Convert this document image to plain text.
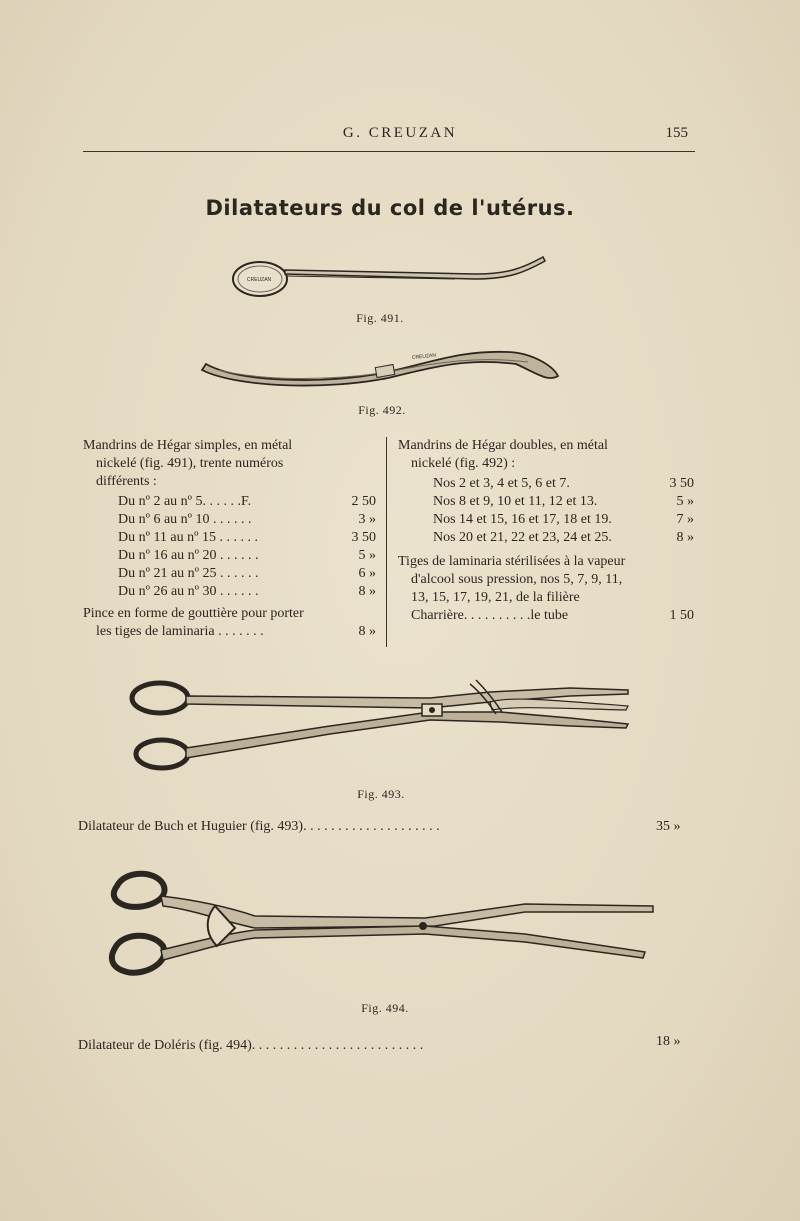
G. CREUZAN	155
Dilatateurs du col de l'utérus.
CREUZAN
Fig. 491.
CREUZAN
Fig. 492.
Mandrins de Hégar simples, en métal
nickelé (fig. 491), trente numéros
différents :
Du nº 2 au nº 5. . . . . .F.	2 50
Du nº 6 au nº 10 . . . . . .	3 »
Du nº 11 au nº 15 . . . . . .	3 50
Du nº 16 au nº 20 . . . . . .	5 »
Du nº 21 au nº 25 . . . . . .	6 »
Du nº 26 au nº 30 . . . . . .	8 »
Pince en forme de gouttière pour porter
les tiges de laminaria . . . . . . .	8 »
Mandrins de Hégar doubles, en métal
nickelé (fig. 492) :
Nos 2 et 3, 4 et 5, 6 et 7.	3 50
Nos 8 et 9, 10 et 11, 12 et 13.	5 »
Nos 14 et 15, 16 et 17, 18 et 19.	7 »
Nos 20 et 21, 22 et 23, 24 et 25.	8 »
Tiges de laminaria stérilisées à la vapeur
d'alcool sous pression, nos 5, 7, 9, 11,
13, 15, 17, 19, 21, de la filière
Charrière. . . . . . . . . .le tube	1 50
Fig. 493.
Dilatateur de Buch et Huguier (fig. 493). . . . . . . . . . . . . . . . . . . .	35 »
Fig. 494.
Dilatateur de Doléris (fig. 494). . . . . . . . . . . . . . . . . . . . . . . . .	18 »
